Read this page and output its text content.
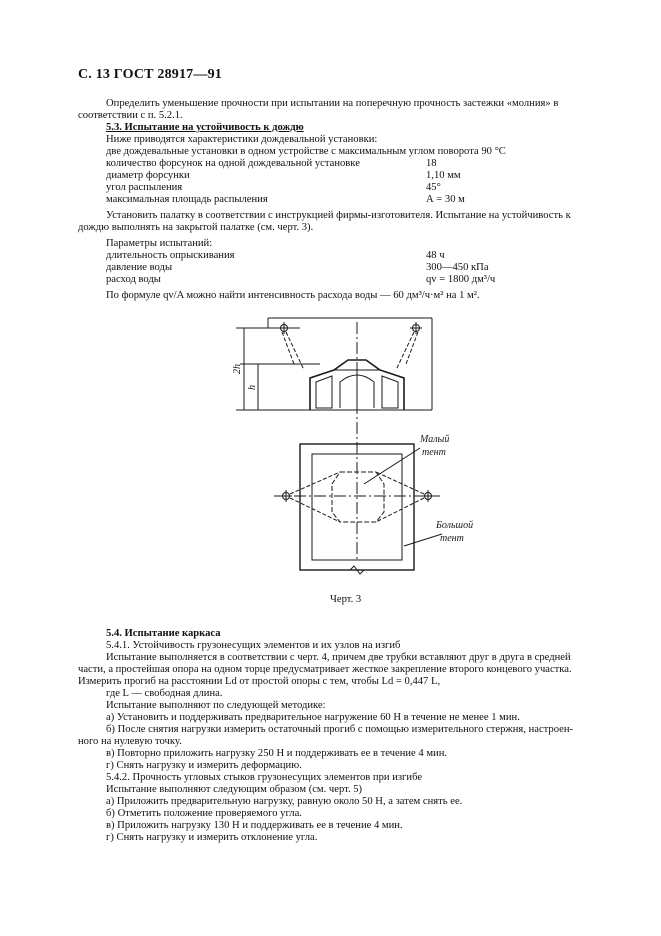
С. 13 ГОСТ 28917—91
Определить уменьшение прочности при испытании на поперечную прочность застежки «молния» в
соответствии с п. 5.2.1.
5.3. Испытание на устойчивость к дождю
Ниже приводятся характеристики дождевальной установки:
две дождевальные установки в одном устройстве с максимальным углом поворота 90 °С
количество форсунок на одной дождевальной установке	18
диаметр форсунки	1,10 мм
угол распыления	45°
максимальная площадь распыления	А = 30 м
Установить палатку в соответствии с инструкцией фирмы-изготовителя. Испытание на устойчивость к
дождю выполнять на закрытой палатке (см. черт. 3).
Параметры испытаний:
длительность опрыскивания	48 ч
давление воды	300—450 кПа
расход воды	qv = 1800 дм³/ч
По формуле qv/A можно найти интенсивность расхода воды — 60 дм³/ч·м² на 1 м².
2h
h
Малый
тент
Большой
тент
Черт. 3
5.4. Испытание каркаса
5.4.1. Устойчивость грузонесущих элементов и их узлов на изгиб
Испытание выполняется в соответствии с черт. 4, причем две трубки вставляют друг в друга в средней
части, а простейшая опора на одном торце предусматривает жесткое закрепление второго концевого участка.
Измерить прогиб на расстоянии Ld от простой опоры с тем, чтобы Ld = 0,447 L,
где L — свободная длина.
Испытание выполняют по следующей методике:
а) Установить и поддерживать предварительное нагружение 60 Н в течение не менее 1 мин.
б) После снятия нагрузки измерить остаточный прогиб с помощью измерительного стержня, настроен-
ного на нулевую точку.
в) Повторно приложить нагрузку 250 Н и поддерживать ее в течение 4 мин.
г) Снять нагрузку и измерить деформацию.
5.4.2. Прочность угловых стыков грузонесущих элементов при изгибе
Испытание выполняют следующим образом (см. черт. 5)
а) Приложить предварительную нагрузку, равную около 50 Н, а затем снять ее.
б) Отметить положение проверяемого угла.
в) Приложить нагрузку 130 Н и поддерживать ее в течение 4 мин.
г) Снять нагрузку и измерить отклонение угла.
